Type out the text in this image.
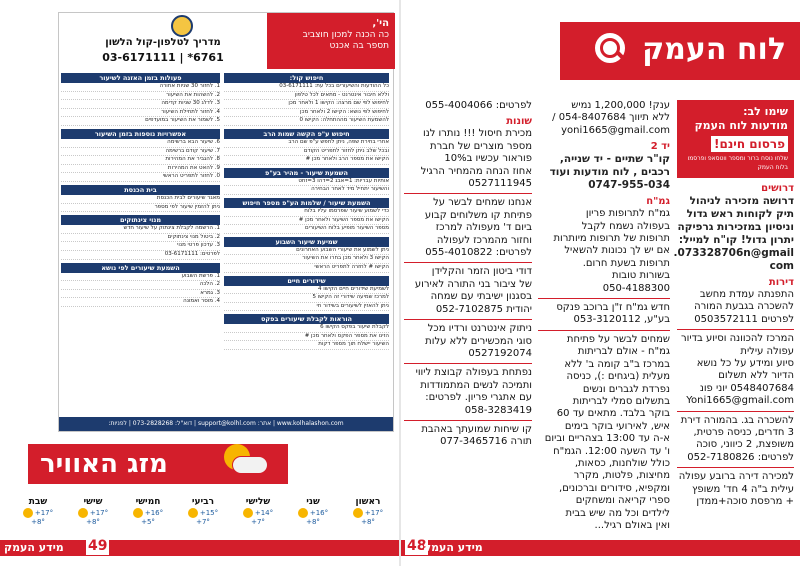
הי',
כה הכנה למכון חוצביב
תספר בה אכנט
מדריך לטלפון-קול הלשון
03-6171111 | *6761
חיפוש קול:
כל ההודעות והשיעורים בכל עת: 03-6171111
וללא חיבור אינטרנט - מתאים לכל טלפון
לחיפוש לפי שם מרצה: הקישו 1 ולאחר מכן
לחיפוש לפי נושא: הקישו 2 ולאחר מכן
להשמעת השיעור מההתחלה: הקישו 0
חיפוש ע"פ הקשה שמות הרב
אחרי בחירת שפה, ניתן לחפש ע"פ שם הרב
ובכל שלב ניתן לחזור לתפריט הקודם
הקישו את מספר הרב ולאחר מכן #
השמעת שיעור - מהיר בע"פ
אותיות עבריות: 1=אבג 2=דהו 3=זחט
והשיעור יתחיל מיד לאחר הבחירה
השמעת שיעור / שלמות הע"פ מספר חיפוש
כדי לשמוע שיעור שפרסמו עליו בלוח
הקישו את מספר השיעור ולאחר מכן #
מספר השיעור מופיע בלוח השיעורים
שמיעת שיעור השבוע
ניתן לשמוע את שיעורי השבוע האחרונים
הקישו 3 ולאחר מכן בחרו את השיעור
הקישו # לחזרה לתפריט הראשי
שידורים חיים
לשמיעת שידורים חיים הקישו 4
למרכז שמיעה שידורי זה הקישו 5
ניתן להאזין לשיעורים בשידור חי
הוראות לקבלת שיעורים בפקס
לקבלת שיעור בפקס הקישו 6
הזינו את מספר הפקס ולאחר מכן #
השיעור יישלח תוך מספר דקות
פעולות בזמן האזנה לשיעור
1. לחזור 30 שניות אחורה
2. להשהות את השיעור
3. לדלג 30 שניות קדימה
4. לחזור לתחילת השיעור
5. לשמור את השיעור במועדפים
אפשרויות נוספות בזמן השיעור
6. שיעור הבא ברשימה
7. שיעור קודם ברשימה
8. להגביר את המהירות
9. להאט את המהירות
0. לחזור לתפריט הראשי
בית הכנסת
מאגר שיעורים לבית הכנסת
ניתן להזמין שיעור לפי מספר
מנוי צינתוקים
1. הרשמה לקבלת צינתוק על שיעור חדש
2. ביטול מנוי צינתוקים
3. עדכון פרטי מנוי
לפרטים: 03-6171111
השמעת שיעורים לפי נושא
1. פרשת השבוע
2. הלכה
3. גמרא
4. מוסר ואמונה
www.kolhalashon.com | אתר: support@kolhl.com | דוא"ל: 073-2828268 | לפניות:
מזג האוויר
ראשון
+17°
+8°
שני
+16°
+8°
שלישי
+14°
+7°
רביעי
+15°
+7°
חמישי
+16°
+5°
שישי
+17°
+8°
שבת
+17°
+8°
מידע העמק 49
לוח העמק
שימו לב:
מודעות לוח העמק
פרסום חינם!
שלחו נוסח ברור ומספר ווטסאפ ופרסמו בלוח העמק
דרושים
דרושה מזכירה לניהול
תיק לקוחות ראש גדול
וניסיון במזכירות גרפיקה
יתרון גדול! קו"ח למייל:
073328706n@gmail.
com
דירות
התפנתה עמדת מחשב
להשכרה בגבעת המורה
לפרטים 0503572111
המרכז להכוונה וסיוע בדיור
עפולה עילית
סיוע ומידע על כל נושא
הדיור ללא תשלום
0548407684 יוני פונ
Yoni1665@gmail.com
להשכרה בג. בהמורה דירת
3 חדרים, כניסה פרטית,
משופצת, 2 כיווני, סוכה
לפרטים: 052-7180826
למכירה דירה ברובע עפולה
עילית ב"ה 4 חד' משופץ
+ מרפסת סוכה+ממדן
ענק! 1,200,000 נמיש
ללא תיווך 054-8407684 /
yoni1665@gmail.com
יד 2
קו"ר שתיים - יד שנייה,
רכבים , לוח מודעות ועוד
0747-955-034
גמ"ח
גמ"ח לתרופות פריון
בעפולה נשמח לקבל
תרופות של תרופות מיותרות
אם יש לך נכונות להשאיל
תרופות בשעת חרום.
בשורות טובות
050-4188300
חדש גמ"ח ז"ן ברוכב פנקס
בע"ע, 053-3120112
שמחים לבשר על פתיחת
גמ"ח - אולם לבריתות
במרכז ב"ב קומה ב' ללא
מעלית (ביגחים :), כניסה
נפרדת לגברים ונשים
בתשלום סמלי לבריתות
בוקר בלבד. מתאים עד 60
איש, לאירועי בוקר בימים
א-ה עד 13:00 בצהריים וביום
ו' עד השעה 12:00. הגמ"ח
כולל שולחנות, כסאות,
מחיצות, פלטות, מקרר
ומקפיא, סידורים וברכונים,
ספרי קריאה ומשחקים
לילדים וכל מה שיש בבית
ואין באולם רגיל...
לפרטים: 055-4004066
שונות
מכירת חיסול !!! נותרו לנו
מספר מוצרים של חברת
פוראור עכשיו ב10%
אחוז הנחה מהמחיר הרגיל
0527111945
אנחנו שמחים לבשר על
פתיחת קו משלוחים קבוע
ביום ד' מעפולה למרכז
וחזור מהמרכז לעפולה
לפרטים: 055-4010822
דודי ביטון הזמר והקלידן
של ציבור בני התורה לאירוע
בסגנון ישיבתי עם שמחה
יהודית 052-7102875
ניתוק אינטרנט ורדיו מכל
סוגי המכשירים ללא עלות
0527192074
נפתחת בעפולה קבוצת ליווי
ותמיכה לנשים המתמודדות
עם אתגרי פריון. לפרטים:
058-3283419
קו שיחות שמועתך באהבת
תורה 077-3465716
48
מידע העמק
